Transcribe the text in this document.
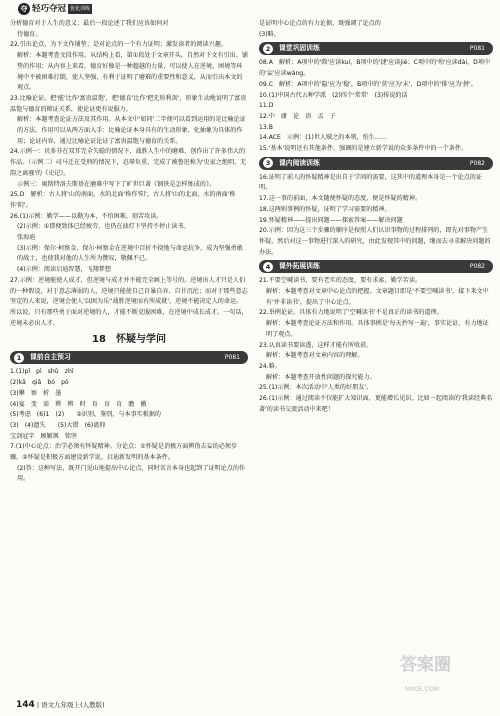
夺 轻巧夺冠 优化训练

分析德育对于人生的意义；最后一段论述了我们应该如何对

待德育。

22.引出论点，为下文作铺垫；是对论点的一个有力证明；激发读者的阅读兴趣。

解析：本题考查文段作用。从结构上看，第①段处于文章开头，自然对下文有引出、铺垫的作用；从内容上来看，德育好像是一种超越的力量，可以使人在逆境、困境等环境中不被困难打倒，使人坚强，有利于证明了磨难的重要性和意义，从而引出本文的观点。

23.比喻论证。把'能'比作'富贵温饱'，把'德育'比作'把无形利剑'，形象生动地说明了富贵温饱与德育的辩证关系，使论证更有说服力。

解析：本题考查论证方法及其作用。从本文中'如同'二字便可以看到运用的是比喻论证的方法。作用可以从两方面入手：比喻论证本身具有的生动形象、化抽象为具体的作用；论证内容，通过比喻论证论证了富贵温饱与德育的关系。

24.示例一：贝多芬在双耳完全失聪的情况下，战胜人生中的磨难，创作出了许多伟大的作品。（示例二）司马迁在受刑的情况下，忍辱负重，完成了被鲁迅称为'史家之绝唱，无韵之离骚'的《史记》。

示例三：奥斯特洛夫斯基在磨难中写下了旷世巨著《钢铁是怎样炼成的》。

25.D　解析：古人将'山的南面，水的北面'称作'阳'，古人将'山的北面，水的南面'称作'阴'。

26.(1)示例：勤学——以勤为本，不怕困难，刻苦攻读。

(2)示例：①即便致体已经疲劳，也仍在油灯下坚持不停止读书。

张海迪

(3)示例：保尔·柯察金、保尔·柯察金在逆境中百折不挠地与命运抗争，成为坚强勇敢的战士，也使我对他的人生所为赞叹，敬佩不已。

(4)示例：阅读启迪智慧，飞翔梦想

27.示例：逆境能使人成才，但逆境与成才并不能完全画上等号的。逆境出人才只是人们的一种假设，对于意志薄弱的人，逆境只能使自己自暴自弃、自甘沉沦；而对于那些意志坚定的人来说，逆境会使人'以困为乐''战胜逆境而有所成就'。逆境不能决定人的命运。所以说，只有那些勇于面对逆境的人，才能不断克服困难，在逆境中成长成才。一句话，逆境未必出人才。

18　怀疑与学问
1	课前自主预习	P081

1.(1)pǐ　pì　shǔ　zhī

(2)kǎ　qiǎ　bó　pō

(3)攀　察　析　墨

(4)宴　变　需　辨　辨　时　育　肓　育　瞻　徼

(5)考虑　(6)1　(2)　　②识别，鉴别，与本事实根据的

(3)　(4)遗失　　(5)大错　(6)流仰

宝剑冠字　顾颍飒　铭坚

7.(1)中心论点：治学必须有怀疑精神。分论点：①怀疑是消极方面辨伪去妄的必须步骤。②怀疑是积极方面建设新学说、启迪新发明的基本条件。

(2)答：这种写法，既开门见山地提出中心论点，同时名言本身也起到了证明论点的作用。

是证明中心论点的有力论据，既强调了论点的

(3)略。

2	课堂巩固训练	P081

08.A　解析：A项中的'睽'应读kuí，B项中的'捷'应读jié；C项中的'殆'应读dài，D项中的'妄'应读wàng。

09.C　解析：A项中的'隐'应为'稳'，B项中的'莫'应为'末'，D项中的'排'应为'拼'。

10.(1)中国古代五种学派　(2)四个'常常'　(3)传说的话

11.D

12.中　庸　论　语　孟　子

13.B

14.ACE　示例：(1)世人贼之的本领，怕生……

15.'基本'说明还有其他条件，强调的是建立新学说的众多条件中的一个条件。

3	课内阅读训练	P082

16.证明了前人的怀疑精神是出自于学问的需要，这其中的道理本身是一个论点的证明。

17.这一事的前面，本文随便怀疑的态度，便是怀疑的精神。

18.这两则事例的怀疑，证明了学习需要的精神。

19.怀疑精神——提出问题——探索答案——解决问题

20.示例：因为这三个步骤的顺序是按照人们认识事物的过程排列的，即先对事物产生怀疑，然后对这一事物进行深入的研究，由此发现其中的问题，继而去寻求解决问题的办法。

4	课外拓展训练	P082

21.不要空喊读书，要有老实的态度，要有求索，勤学苦读。

解析：本题考查对文章中心论点的把握。文章题目即是'不要空喊读书'，接下来文中有'并非读书'，提出了中心论点。

22.举例论证。具体有力地说明了'空喊读书'不是真正的读书的道理。

解析：本题考查论证方法和作用。具体事例是'每天抄写一遍'，事实论证，有力地证明了观点。

23.认真读书要读透，这样才能有所收获。

解析：本题考查对文章内容的理解。

24.略。

解析：本题考查开放性问题的探究能力。

25.(1)示例：本次活动中'人类的好朋友'。

26.(1)示例：通过阅读不仅能扩大知识面，更能增长见识。比如一起阅读的'我读经典名著'的读书交流活动中来吧！

144 | 语文九年级上(人教版)
答案圈
MXQE.COM
